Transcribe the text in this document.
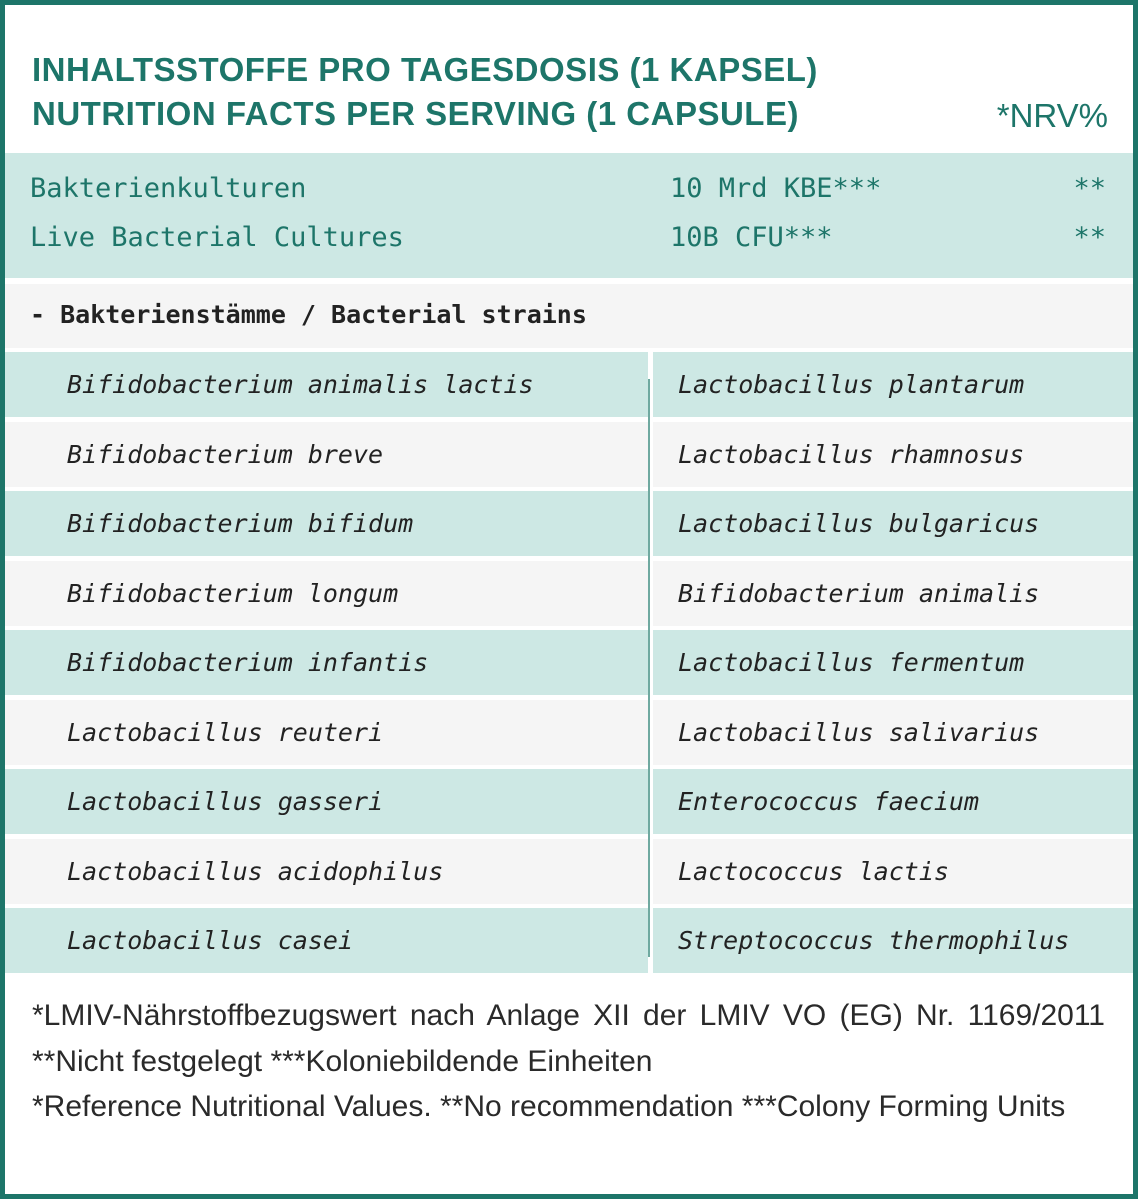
INHALTSSTOFFE PRO TAGESDOSIS (1 KAPSEL)
NUTRITION FACTS PER SERVING (1 CAPSULE)	*NRV%
Bakterienkulturen	10 Mrd KBE***	**
Live Bacterial Cultures	10B CFU***	**
- Bakterienstämme / Bacterial strains
Bifidobacterium animalis lactis	Lactobacillus plantarum
Bifidobacterium breve	Lactobacillus rhamnosus
Bifidobacterium bifidum	Lactobacillus bulgaricus
Bifidobacterium longum	Bifidobacterium animalis
Bifidobacterium infantis	Lactobacillus fermentum
Lactobacillus reuteri	Lactobacillus salivarius
Lactobacillus gasseri	Enterococcus faecium
Lactobacillus acidophilus	Lactococcus lactis
Lactobacillus casei	Streptococcus thermophilus

*LMIV-Nährstoffbezugswert nach Anlage XII der LMIV VO (EG) Nr. 1169/2011 **Nicht festgelegt ***Koloniebildende Einheiten

*Reference Nutritional Values. **No recommendation ***Colony Forming Units
